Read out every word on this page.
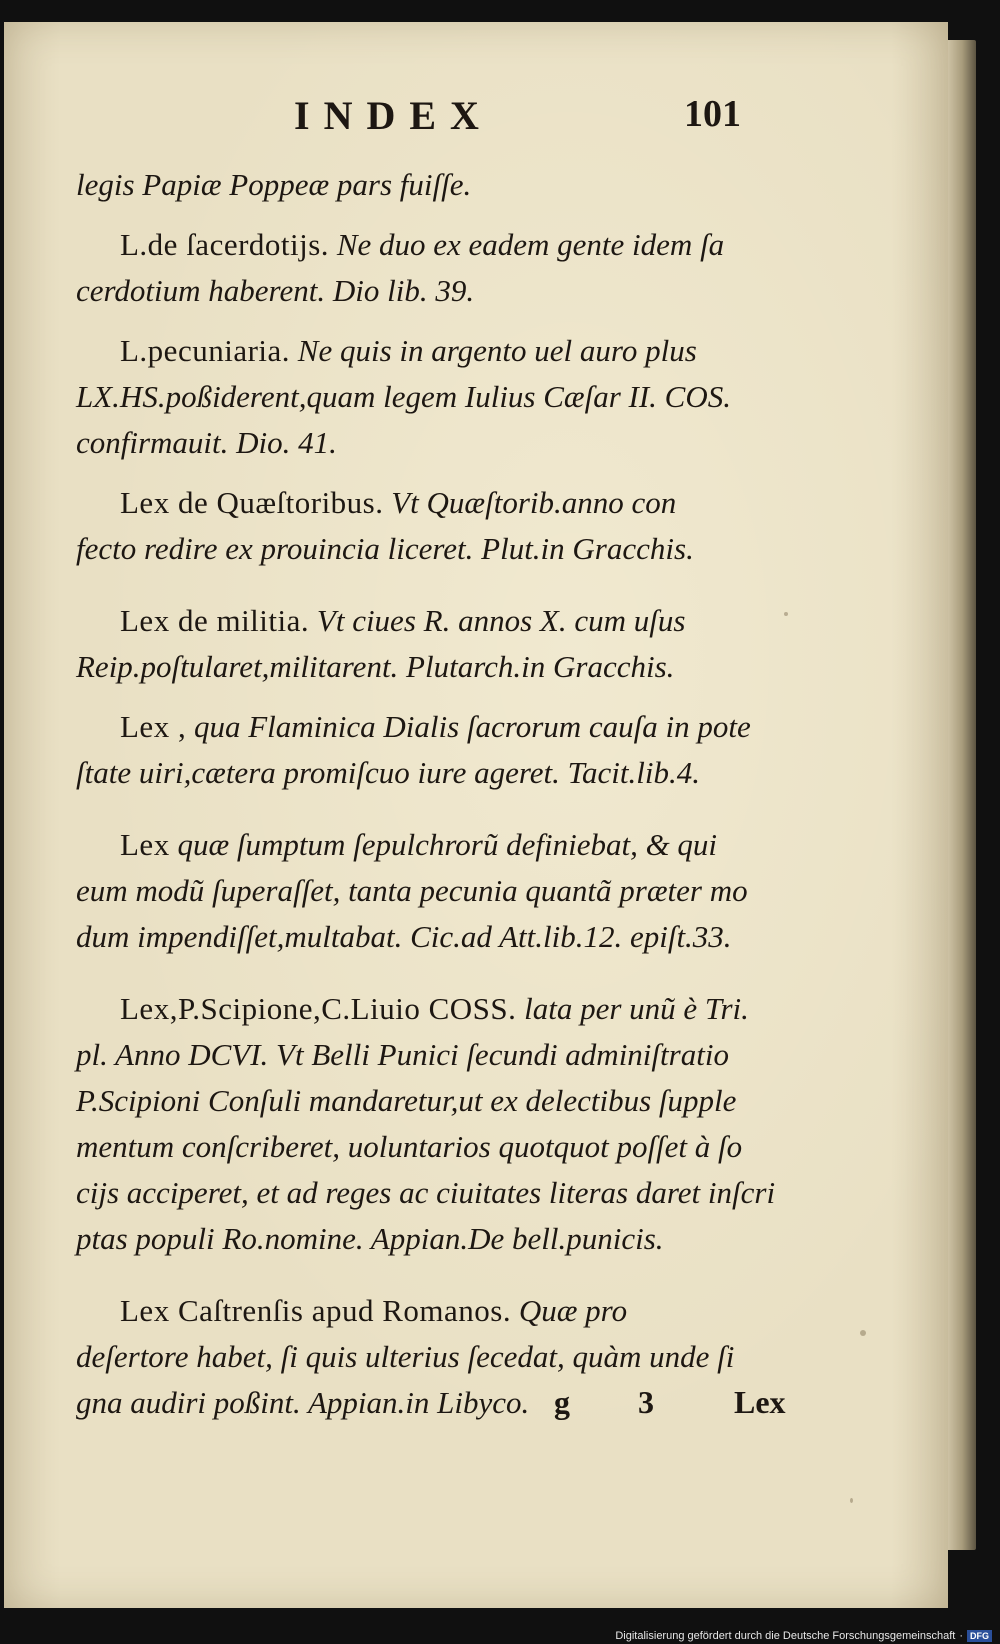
INDEX	101
legis Papiæ Poppeæ pars fuiſſe.
L.de ſacerdotijs. Ne duo ex eadem gente idem ſa
cerdotium haberent. Dio lib. 39.
L.pecuniaria. Ne quis in argento uel auro plus
LX.HS.poßiderent,quam legem Iulius Cæſar II. COS.
confirmauit. Dio. 41.
Lex de Quæſtoribus. Vt Quæſtorib.anno con
fecto redire ex prouincia liceret. Plut.in Gracchis.
Lex de militia. Vt ciues R. annos X. cum uſus
Reip.poſtularet,militarent. Plutarch.in Gracchis.
Lex , qua Flaminica Dialis ſacrorum cauſa in pote
ſtate uiri,cætera promiſcuo iure ageret. Tacit.lib.4.
Lex quæ ſumptum ſepulchrorũ definiebat, & qui
eum modũ ſuperaſſet, tanta pecunia quantã præter mo
dum impendiſſet,multabat. Cic.ad Att.lib.12. epiſt.33.
Lex,P.Scipione,C.Liuio COSS. lata per unũ è Tri.
pl. Anno DCVI. Vt Belli Punici ſecundi adminiſtratio
P.Scipioni Conſuli mandaretur,ut ex delectibus ſupple
mentum conſcriberet, uoluntarios quotquot poſſet à ſo
cijs acciperet, et ad reges ac ciuitates literas daret inſcri
ptas populi Ro.nomine. Appian.De bell.punicis.
Lex Caſtrenſis apud Romanos. Quæ pro
deſertore habet, ſi quis ulterius ſecedat, quàm unde ſi
gna audiri poßint. Appian.in Libyco. g 3 Lex
Digitalisierung gefördert durch die Deutsche Forschungsgemeinschaft · DFG
